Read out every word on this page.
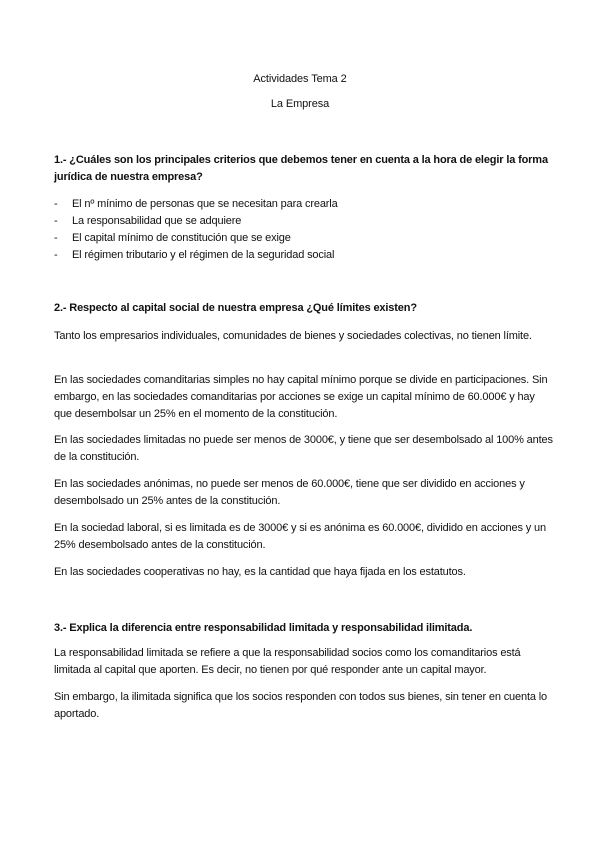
Actividades Tema 2
La Empresa
1.- ¿Cuáles son los principales criterios que debemos tener en cuenta a la hora de elegir la forma jurídica de nuestra empresa?
- El nº mínimo de personas que se necesitan para crearla
- La responsabilidad que se adquiere
- El capital mínimo de constitución que se exige
- El régimen tributario y el régimen de la seguridad social
2.- Respecto al capital social de nuestra empresa ¿Qué límites existen?

Tanto los empresarios individuales, comunidades de bienes y sociedades colectivas, no tienen límite.

En las sociedades comanditarias simples no hay capital mínimo porque se divide en participaciones. Sin embargo, en las sociedades comanditarias por acciones se exige un capital mínimo de 60.000€ y hay que desembolsar un 25% en el momento de la constitución.

En las sociedades limitadas no puede ser menos de 3000€, y tiene que ser desembolsado al 100% antes de la constitución.

En las sociedades anónimas, no puede ser menos de 60.000€, tiene que ser dividido en acciones y desembolsado un 25% antes de la constitución.

En la sociedad laboral, si es limitada es de 3000€ y si es anónima es 60.000€, dividido en acciones y un 25% desembolsado antes de la constitución.

En las sociedades cooperativas no hay, es la cantidad que haya fijada en los estatutos.

3.- Explica la diferencia entre responsabilidad limitada y responsabilidad ilimitada.

La responsabilidad limitada se refiere a que la responsabilidad socios como los comanditarios está limitada al capital que aporten. Es decir, no tienen por qué responder ante un capital mayor.

Sin embargo, la ilimitada significa que los socios responden con todos sus bienes, sin tener en cuenta lo aportado.
